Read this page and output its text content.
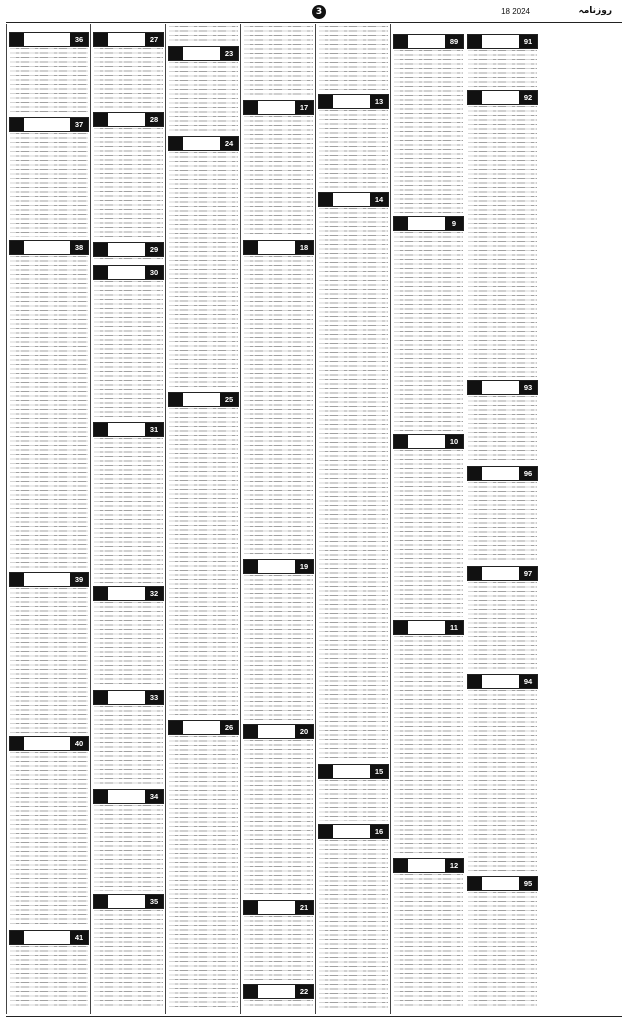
18 2024	روزنامہ
3
91
92
93
96
97
94
95
89
9
10
11
12
13
14
15
16
17
18
19
20
21
22
23
24
25
26
27
28
29
30
31
32
33
34
35
36
37
38
39
40
41
